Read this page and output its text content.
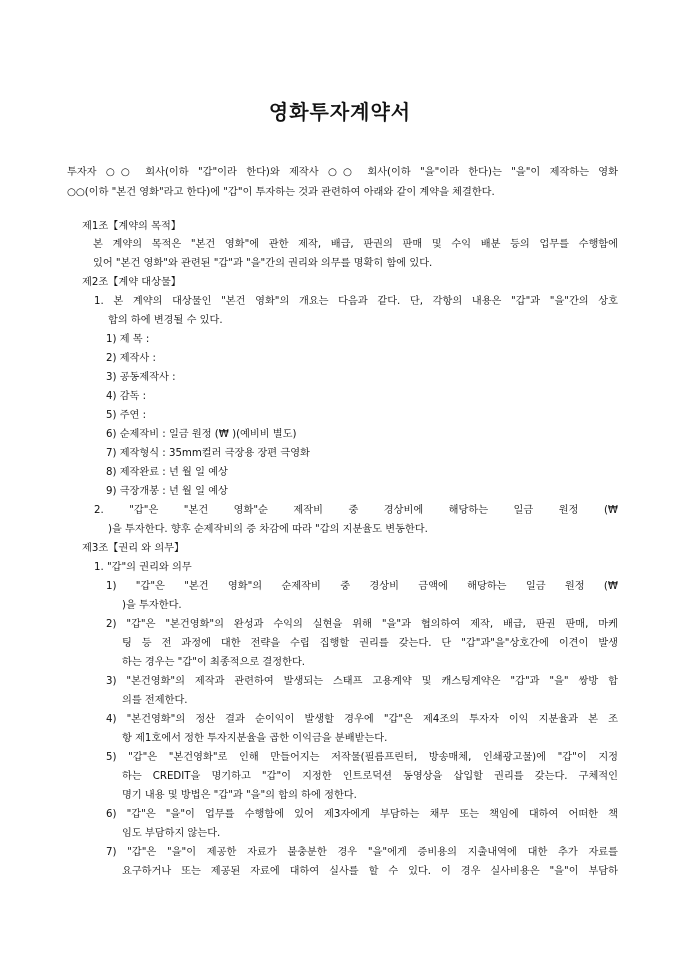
영화투자계약서
투자자 ○○ 회사(이하 "갑"이라 한다)와 제작사 ○○ 회사(이하 "을"이라 한다)는 "을"이 제작하는 영화
○○(이하 "본건 영화"라고 한다)에 "갑"이 투자하는 것과 관련하여 아래와 같이 계약을 체결한다.
제1조【계약의 목적】
본 계약의 목적은 "본건 영화"에 관한 제작, 배급, 판권의 판매 및 수익 배분 등의 업무를 수행함에
있어 "본건 영화"와 관련된 "갑"과 "을"간의 권리와 의무를 명확히 함에 있다.
제2조【계약 대상물】
1. 본 계약의 대상물인 "본건 영화"의 개요는 다음과 같다. 단, 각항의 내용은 "갑"과 "을"간의 상호
합의 하에 변경될 수 있다.
1) 제 목 :
2) 제작사 :
3) 공동제작사 :
4) 감독 :
5) 주연 :
6) 순제작비 : 일금 원정 (₩ )(예비비 별도)
7) 제작형식 : 35mm컬러 극장용 장편 극영화
8) 제작완료 : 년 월 일 예상
9) 극장개봉 : 년 월 일 예상
2. "갑"은 "본건 영화"순 제작비 중 경상비에 해당하는 일금 원정 (₩
)을 투자한다. 향후 순제작비의 증 차감에 따라 "갑의 지분율도 변동한다.
제3조【권리 와 의무】
1. "갑"의 권리와 의무
1) "갑"은 "본건 영화"의 순제작비 중 경상비 금액에 해당하는 일금 원정 (₩
)을 투자한다.
2) "갑"은 "본건영화"의 완성과 수익의 실현을 위해 "을"과 협의하여 제작, 배급, 판권 판매, 마케
팅 등 전 과정에 대한 전략을 수립 집행할 권리를 갖는다. 단 "갑"과"을"상호간에 이견이 발생
하는 경우는 "갑"이 최종적으로 결정한다.
3) "본건영화"의 제작과 관련하여 발생되는 스태프 고용계약 및 캐스팅계약은 "갑"과 "을" 쌍방 합
의를 전제한다.
4) "본건영화"의 정산 결과 순이익이 발생할 경우에 "갑"은 제4조의 투자자 이익 지분율과 본 조
항 제1호에서 정한 투자지분율을 곱한 이익금을 분배받는다.
5) "갑"은 "본건영화"로 인해 만들어지는 저작물(필름프린터, 방송매체, 인쇄광고물)에 "갑"이 지정
하는 CREDIT을 명기하고 "갑"이 지정한 인트로덕션 동영상을 삽입할 권리를 갖는다. 구체적인
명기 내용 및 방법은 "갑"과 "을"의 합의 하에 정한다.
6) "갑"은 "을"이 업무를 수행함에 있어 제3자에게 부담하는 채무 또는 책임에 대하여 어떠한 책
임도 부담하지 않는다.
7) "갑"은 "을"이 제공한 자료가 불충분한 경우 "을"에게 증비용의 지출내역에 대한 추가 자료를
요구하거나 또는 제공된 자료에 대하여 실사를 할 수 있다. 이 경우 실사비용은 "을"이 부담하
